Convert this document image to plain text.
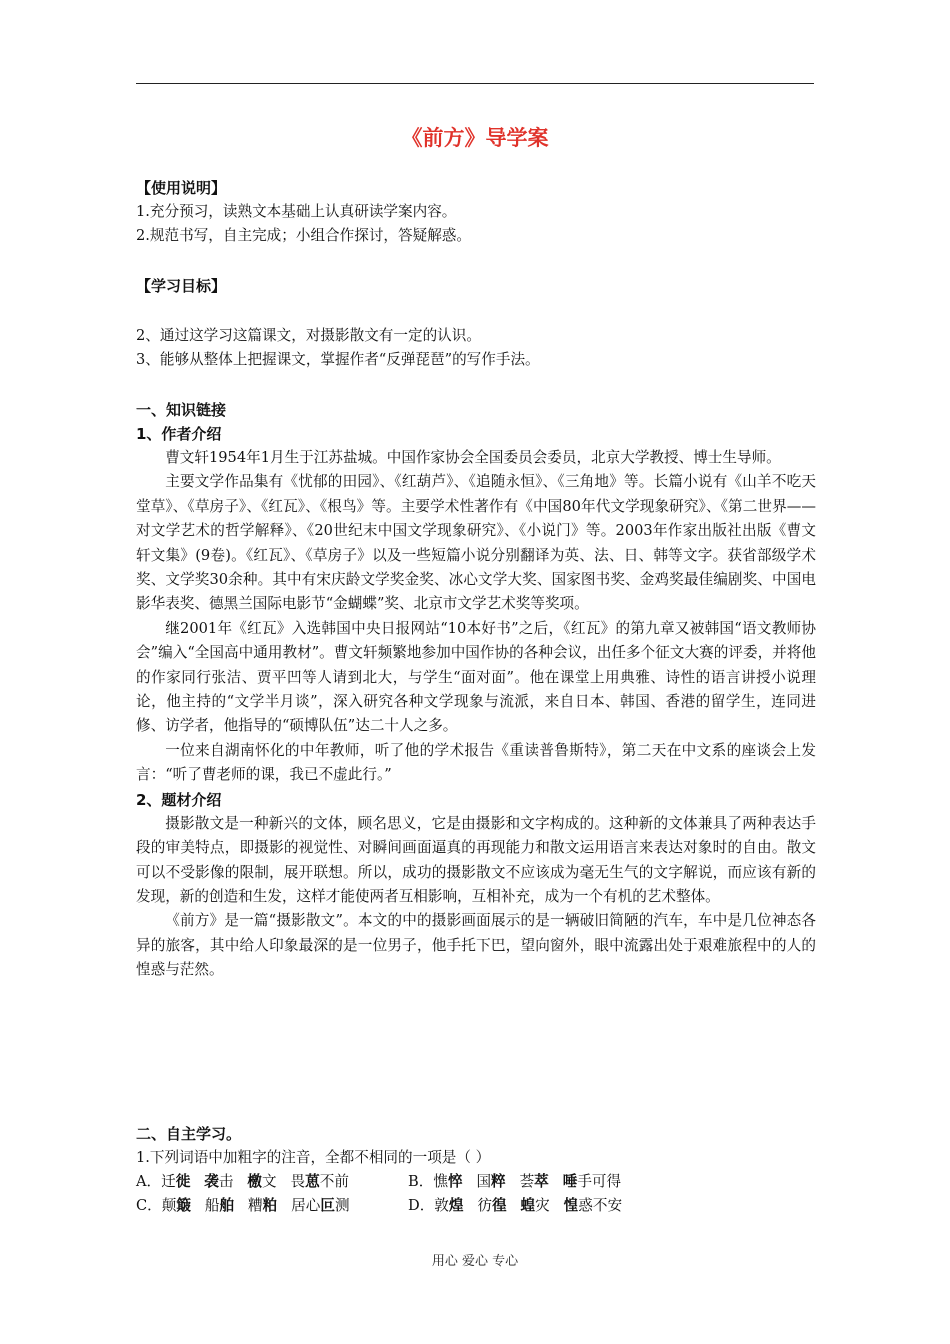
《前方》导学案
【使用说明】
1.充分预习，读熟文本基础上认真研读学案内容。
2.规范书写，自主完成；小组合作探讨，答疑解惑。
【学习目标】
2、通过这学习这篇课文，对摄影散文有一定的认识。
3、能够从整体上把握课文，掌握作者“反弹琵琶”的写作手法。
一、知识链接
1、作者介绍

曹文轩1954年1月生于江苏盐城。中国作家协会全国委员会委员，北京大学教授、博士生导师。

主要文学作品集有《忧郁的田园》、《红葫芦》、《追随永恒》、《三角地》等。长篇小说有《山羊不吃天堂草》、《草房子》、《红瓦》、《根鸟》等。主要学术性著作有《中国80年代文学现象研究》、《第二世界——对文学艺术的哲学解释》、《20世纪末中国文学现象研究》、《小说门》等。2003年作家出版社出版《曹文轩文集》(9卷)。《红瓦》、《草房子》以及一些短篇小说分别翻译为英、法、日、韩等文字。获省部级学术奖、文学奖30余种。其中有宋庆龄文学奖金奖、冰心文学大奖、国家图书奖、金鸡奖最佳编剧奖、中国电影华表奖、德黑兰国际电影节“金蝴蝶”奖、北京市文学艺术奖等奖项。

继2001年《红瓦》入选韩国中央日报网站“10本好书”之后，《红瓦》的第九章又被韩国“语文教师协会”编入“全国高中通用教材”。曹文轩频繁地参加中国作协的各种会议，出任多个征文大赛的评委，并将他的作家同行张洁、贾平凹等人请到北大，与学生“面对面”。他在课堂上用典雅、诗性的语言讲授小说理论，他主持的“文学半月谈”，深入研究各种文学现象与流派，来自日本、韩国、香港的留学生，连同进修、访学者，他指导的“硕博队伍”达二十人之多。

一位来自湖南怀化的中年教师，听了他的学术报告《重读普鲁斯特》，第二天在中文系的座谈会上发言：“听了曹老师的课，我已不虚此行。”

2、题材介绍

摄影散文是一种新兴的文体，顾名思义，它是由摄影和文字构成的。这种新的文体兼具了两种表达手段的审美特点，即摄影的视觉性、对瞬间画面逼真的再现能力和散文运用语言来表达对象时的自由。散文可以不受影像的限制，展开联想。所以，成功的摄影散文不应该成为毫无生气的文字解说，而应该有新的发现，新的创造和生发，这样才能使两者互相影响，互相补充，成为一个有机的艺术整体。

《前方》是一篇“摄影散文”。本文的中的摄影画面展示的是一辆破旧简陋的汽车，车中是几位神态各异的旅客，其中给人印象最深的是一位男子，他手托下巴，望向窗外，眼中流露出处于艰难旅程中的人的惶惑与茫然。

二、自主学习。
1.下列词语中加粗字的注音，全都不相同的一项是（ ）
A．迁徙 袭击   檄文   畏葸不前	B．憔悴   国粹   荟萃 唾手可得
C．颠簸   船舶   糟粕   居心叵测	D．敦煌   彷徨 蝗灾   惶惑不安
用心 爱心 专心
